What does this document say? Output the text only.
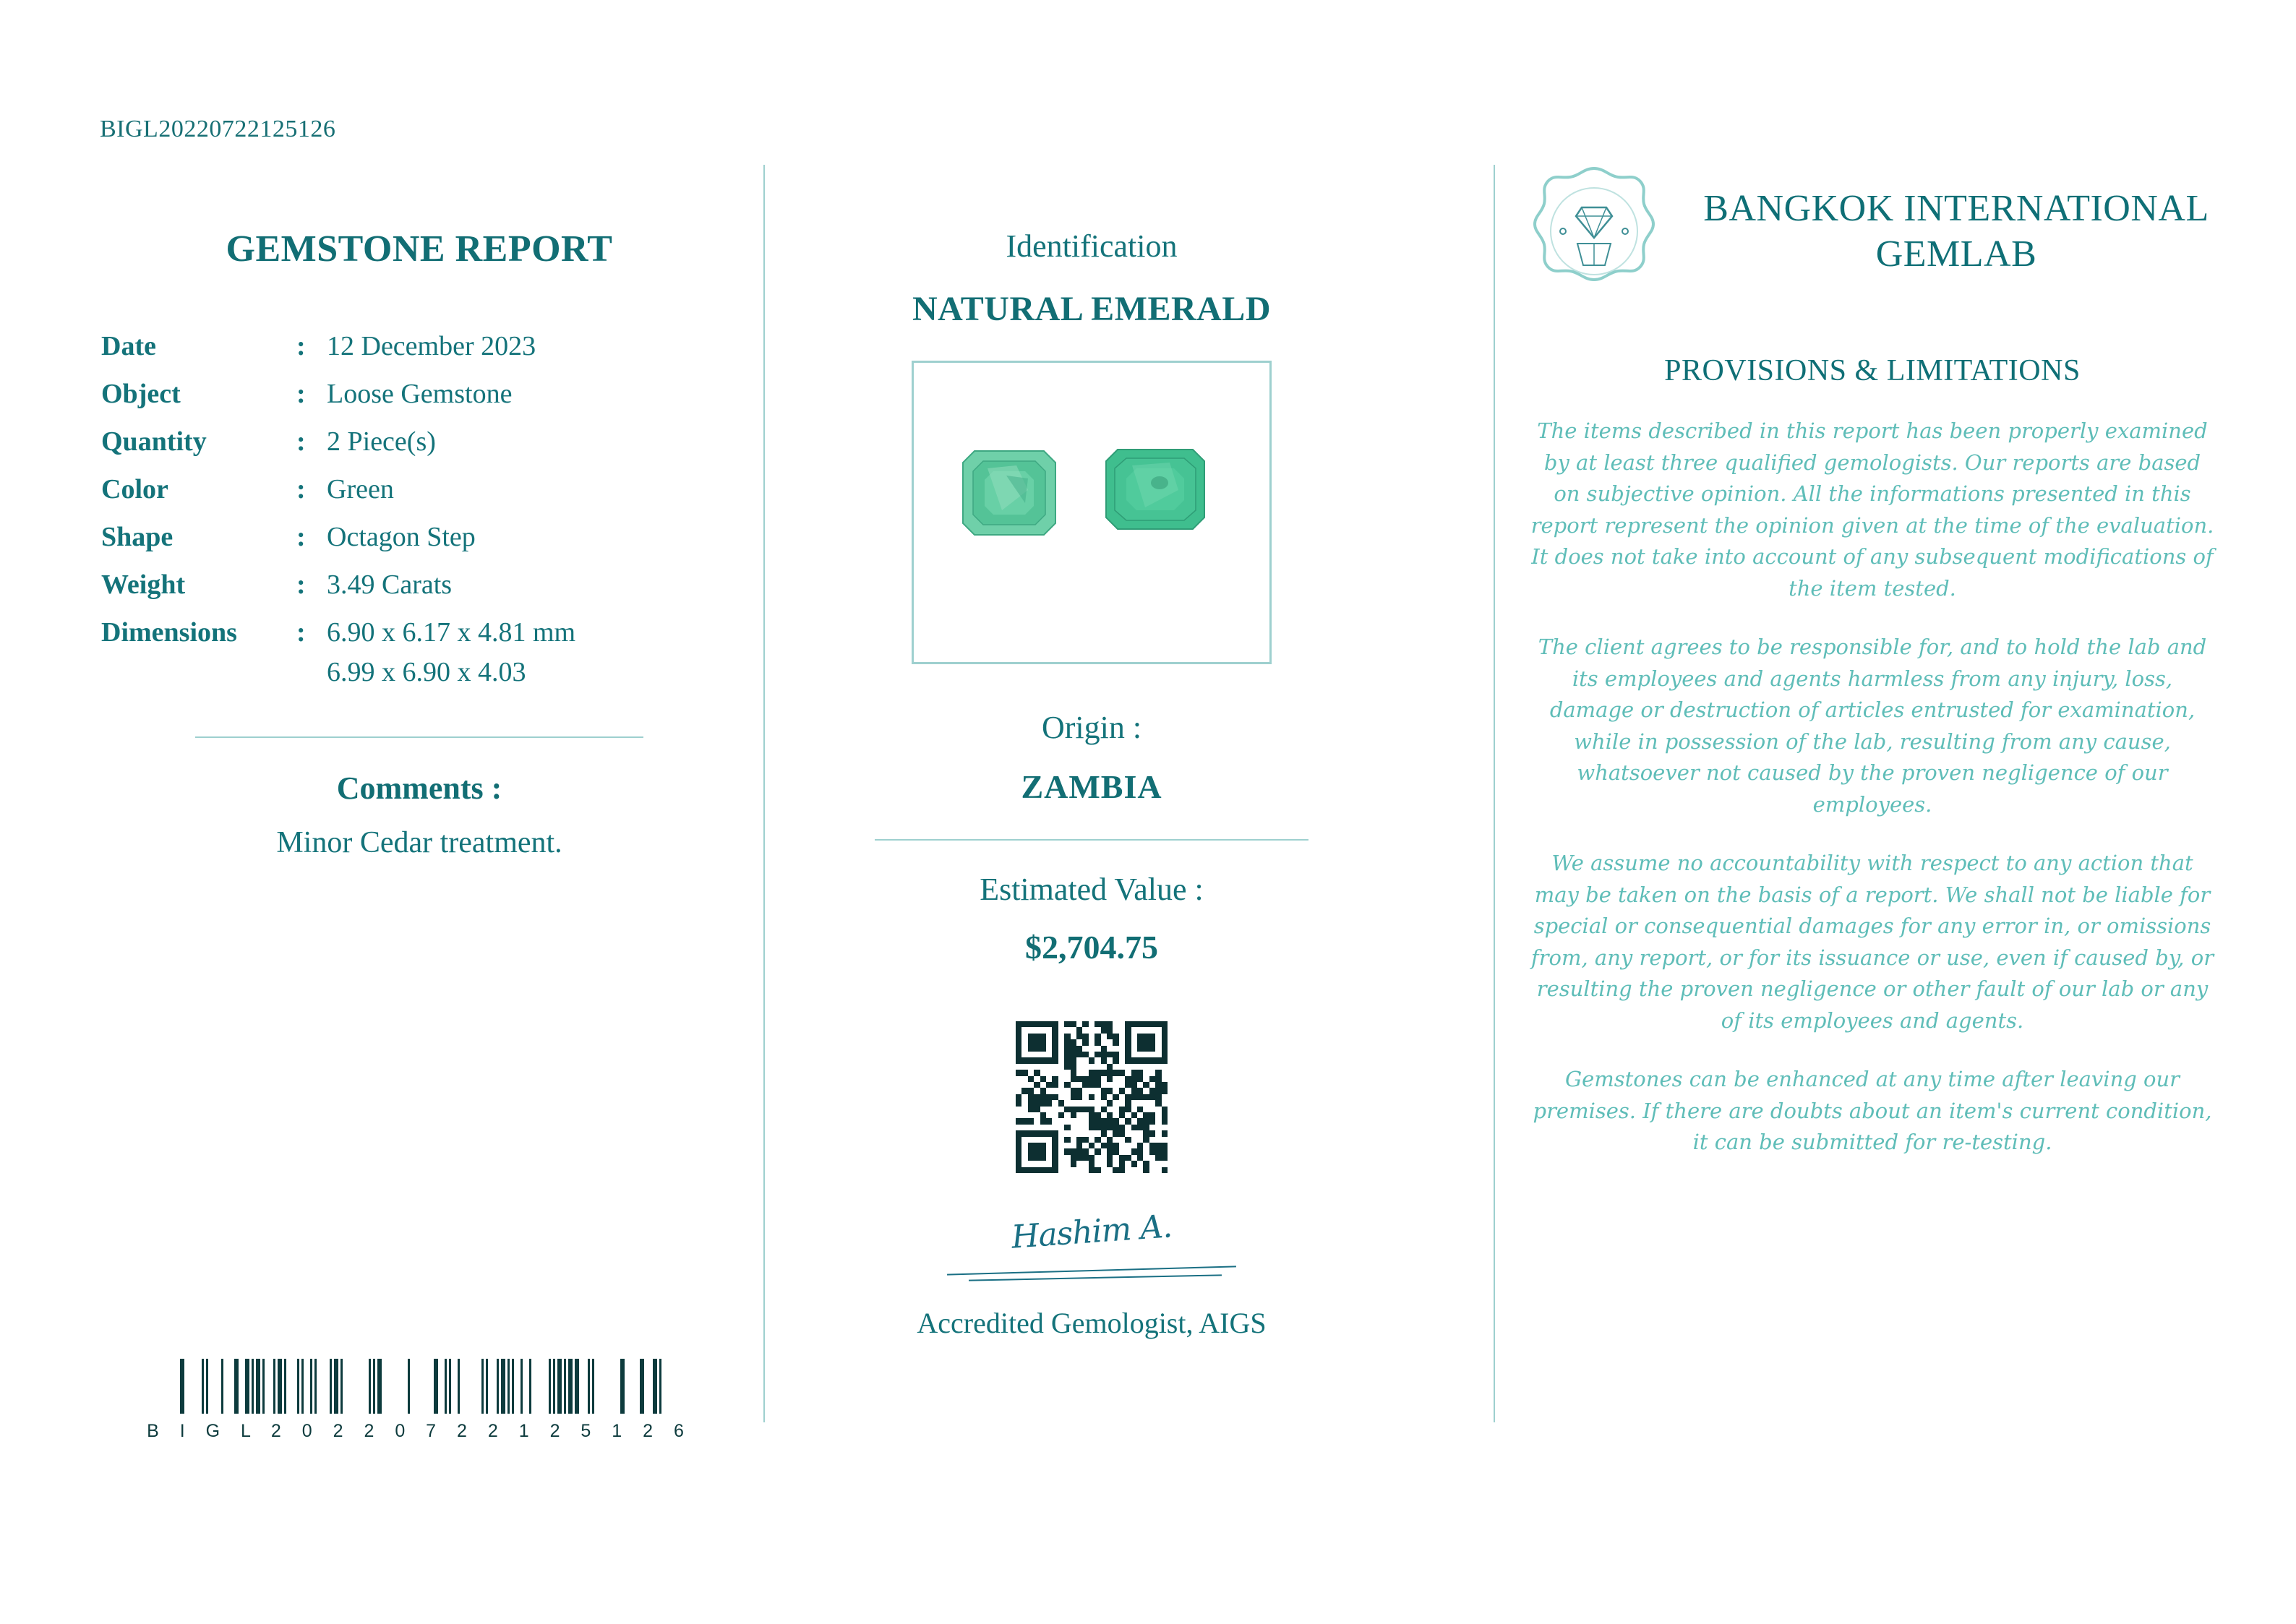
BIGL20220722125126
GEMSTONE REPORT
Date	:	12 December 2023
Object	:	Loose Gemstone
Quantity	:	2 Piece(s)
Color	:	Green
Shape	:	Octagon Step
Weight	:	3.49 Carats
Dimensions	:	6.90 x 6.17 x 4.81 mm
		6.99 x 6.90 x 4.03
Comments :
Minor Cedar treatment.
B I G L 2 0 2 2 0 7 2 2 1 2 5 1 2 6
Identification
NATURAL EMERALD
Origin :
ZAMBIA
Estimated Value :
$2,704.75
Hashim A.
Accredited Gemologist, AIGS
BANGKOK INTERNATIONAL GEMLAB
PROVISIONS & LIMITATIONS
The items described in this report has been properly examined by at least three qualified gemologists. Our reports are based on subjective opinion. All the informations presented in this report represent the opinion given at the time of the evaluation. It does not take into account of any subsequent modifications of the item tested.
The client agrees to be responsible for, and to hold the lab and its employees and agents harmless from any injury, loss, damage or destruction of articles entrusted for examination, while in possession of the lab, resulting from any cause, whatsoever not caused by the proven negligence of our employees.
We assume no accountability with respect to any action that may be taken on the basis of a report. We shall not be liable for special or consequential damages for any error in, or omissions from, any report, or for its issuance or use, even if caused by, or resulting the proven negligence or other fault of our lab or any of its employees and agents.
Gemstones can be enhanced at any time after leaving our premises. If there are doubts about an item's current condition, it can be submitted for re-testing.
